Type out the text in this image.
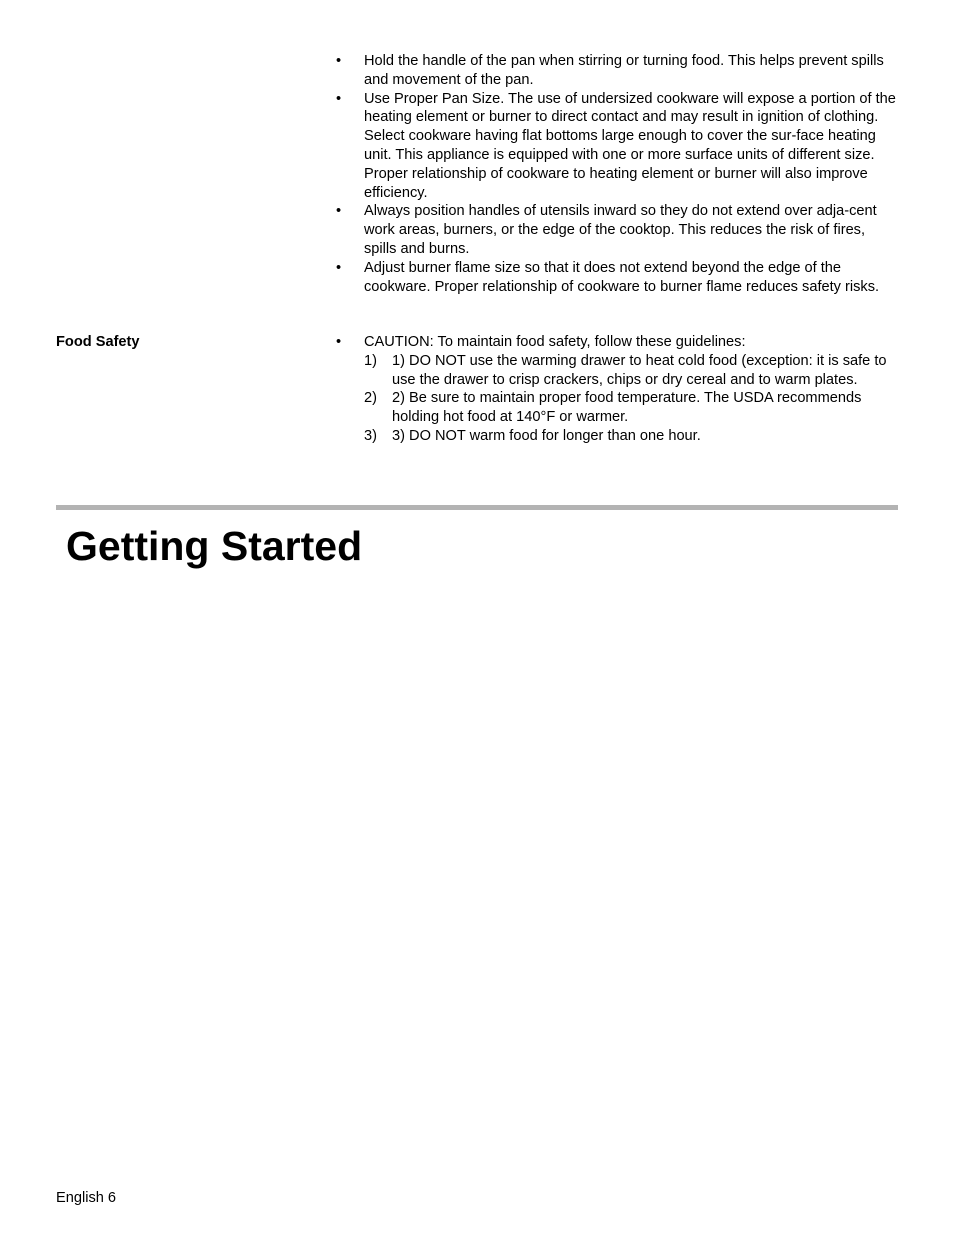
•	Hold the handle of the pan when stirring or turning food. This helps prevent spills and movement of the pan.
•	Use Proper Pan Size. The use of undersized cookware will expose a portion of the heating element or burner to direct contact and may result in ignition of clothing. Select cookware having flat bottoms large enough to cover the sur-face heating unit. This appliance is equipped with one or more surface units of different size. Proper relationship of cookware to heating element or burner will also improve efficiency.
•	Always position handles of utensils inward so they do not extend over adja-cent work areas, burners, or the edge of the cooktop. This reduces the risk of fires, spills and burns.
•	Adjust burner flame size so that it does not extend beyond the edge of the cookware. Proper relationship of cookware to burner flame reduces safety risks.
Food Safety	•	CAUTION: To maintain food safety, follow these guidelines:
1)	1) DO NOT use the warming drawer to heat cold food (exception: it is safe to use the drawer to crisp crackers, chips or dry cereal and to warm plates.
2)	2) Be sure to maintain proper food temperature. The USDA recommends holding hot food at 140°F or warmer.
3)	3) DO NOT warm food for longer than one hour.
Getting Started
English 6
